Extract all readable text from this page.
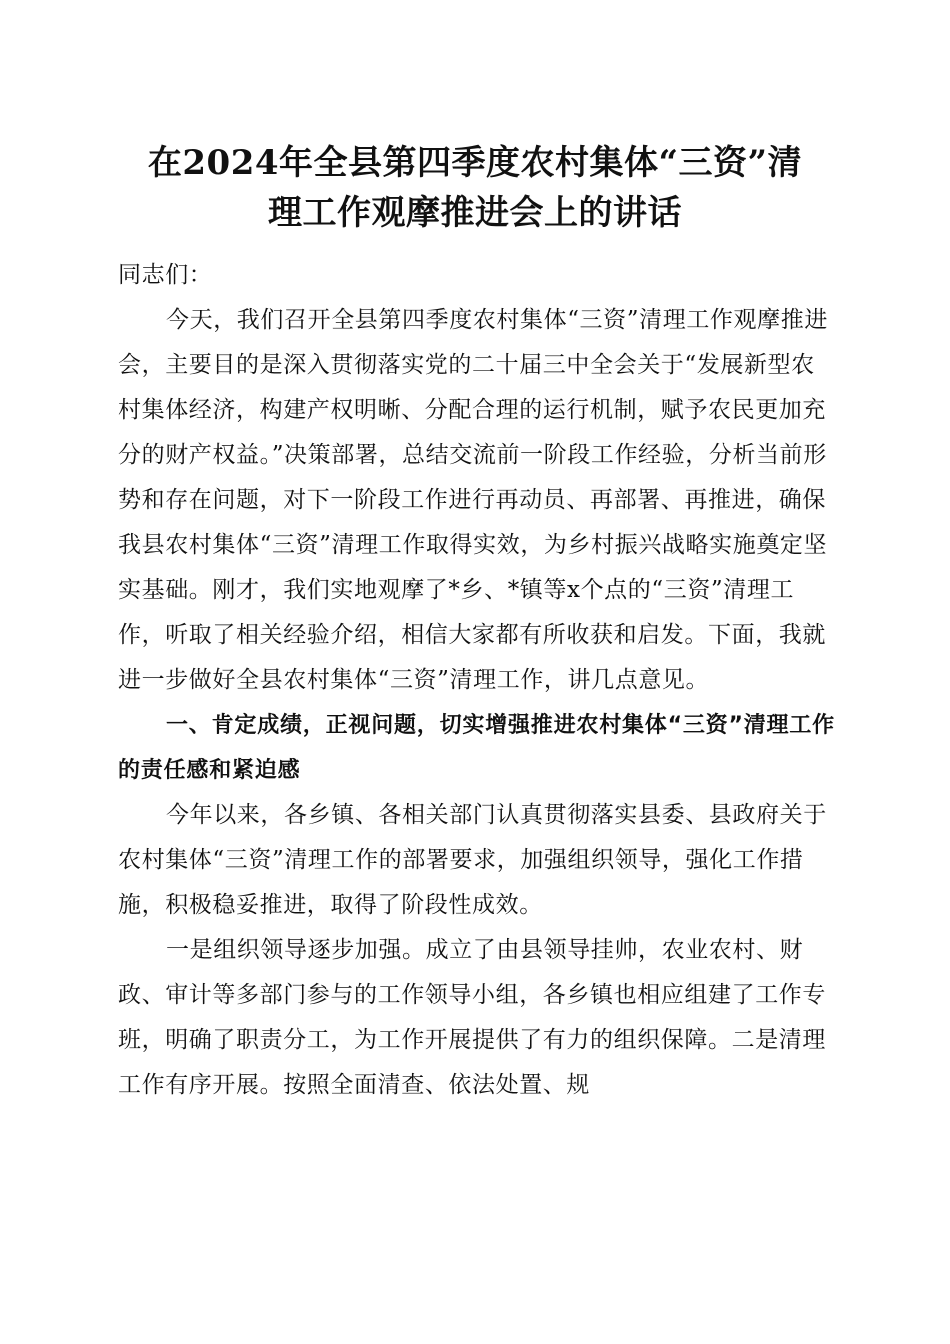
在2024年全县第四季度农村集体“三资”清
理工作观摩推进会上的讲话

同志们：

今天，我们召开全县第四季度农村集体“三资”清理工作观摩推进会，主要目的是深入贯彻落实党的二十届三中全会关于“发展新型农村集体经济，构建产权明晰、分配合理的运行机制，赋予农民更加充分的财产权益。”决策部署，总结交流前一阶段工作经验，分析当前形势和存在问题，对下一阶段工作进行再动员、再部署、再推进，确保我县农村集体“三资”清理工作取得实效，为乡村振兴战略实施奠定坚实基础。刚才，我们实地观摩了*乡、*镇等x个点的“三资”清理工作，听取了相关经验介绍，相信大家都有所收获和启发。下面，我就进一步做好全县农村集体“三资”清理工作，讲几点意见。

一、肯定成绩，正视问题，切实增强推进农村集体“三资”清理工作的责任感和紧迫感

今年以来，各乡镇、各相关部门认真贯彻落实县委、县政府关于农村集体“三资”清理工作的部署要求，加强组织领导，强化工作措施，积极稳妥推进，取得了阶段性成效。

一是组织领导逐步加强。成立了由县领导挂帅，农业农村、财政、审计等多部门参与的工作领导小组，各乡镇也相应组建了工作专班，明确了职责分工，为工作开展提供了有力的组织保障。二是清理工作有序开展。按照全面清查、依法处置、规
